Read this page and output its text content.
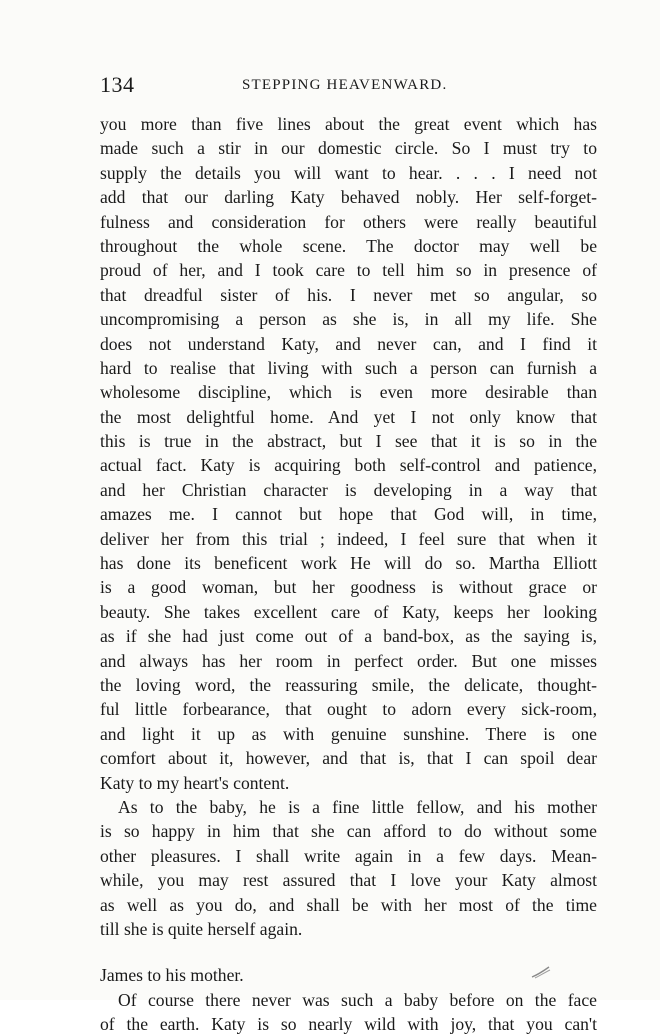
134	STEPPING HEAVENWARD.
you more than five lines about the great event which has
made such a stir in our domestic circle. So I must try to
supply the details you will want to hear. . . . I need not
add that our darling Katy behaved nobly. Her self-forget-
fulness and consideration for others were really beautiful
throughout the whole scene. The doctor may well be
proud of her, and I took care to tell him so in presence of
that dreadful sister of his. I never met so angular, so
uncompromising a person as she is, in all my life. She
does not understand Katy, and never can, and I find it
hard to realise that living with such a person can furnish a
wholesome discipline, which is even more desirable than
the most delightful home. And yet I not only know that
this is true in the abstract, but I see that it is so in the
actual fact. Katy is acquiring both self-control and patience,
and her Christian character is developing in a way that
amazes me. I cannot but hope that God will, in time,
deliver her from this trial ; indeed, I feel sure that when it
has done its beneficent work He will do so. Martha Elliott
is a good woman, but her goodness is without grace or
beauty. She takes excellent care of Katy, keeps her looking
as if she had just come out of a band-box, as the saying is,
and always has her room in perfect order. But one misses
the loving word, the reassuring smile, the delicate, thought-
ful little forbearance, that ought to adorn every sick-room,
and light it up as with genuine sunshine. There is one
comfort about it, however, and that is, that I can spoil dear
Katy to my heart's content.
As to the baby, he is a fine little fellow, and his mother
is so happy in him that she can afford to do without some
other pleasures. I shall write again in a few days. Mean-
while, you may rest assured that I love your Katy almost
as well as you do, and shall be with her most of the time
till she is quite herself again.
James to his mother.
Of course there never was such a baby before on the face
of the earth. Katy is so nearly wild with joy, that you can't
